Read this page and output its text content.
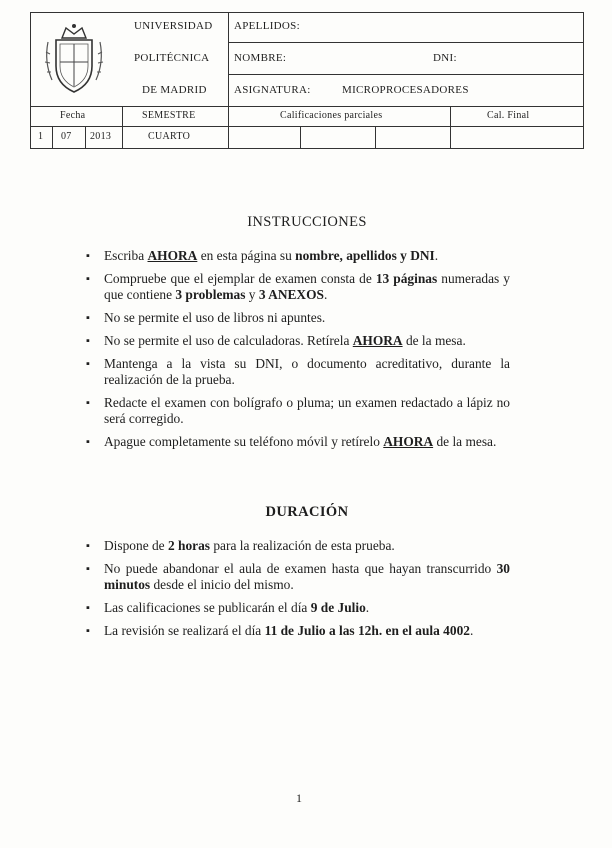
UNIVERSIDAD
POLITÉCNICA
DE MADRID
APELLIDOS:
NOMBRE:	DNI:
ASIGNATURA:	MICROPROCESADORES
Fecha	SEMESTRE	Calificaciones parciales	Cal. Final
1 07 2013	CUARTO
INSTRUCCIONES
▪ Escriba AHORA en esta página su nombre, apellidos y DNI.
▪ Compruebe que el ejemplar de examen consta de 13 páginas numeradas y que contiene 3 problemas y 3 ANEXOS.
▪ No se permite el uso de libros ni apuntes.
▪ No se permite el uso de calculadoras. Retírela AHORA de la mesa.
▪ Mantenga a la vista su DNI, o documento acreditativo, durante la realización de la prueba.
▪ Redacte el examen con bolígrafo o pluma; un examen redactado a lápiz no será corregido.
▪ Apague completamente su teléfono móvil y retírelo AHORA de la mesa.
DURACIÓN
▪ Dispone de 2 horas para la realización de esta prueba.
▪ No puede abandonar el aula de examen hasta que hayan transcurrido 30 minutos desde el inicio del mismo.
▪ Las calificaciones se publicarán el día 9 de Julio.
▪ La revisión se realizará el día 11 de Julio a las 12h. en el aula 4002.
1
